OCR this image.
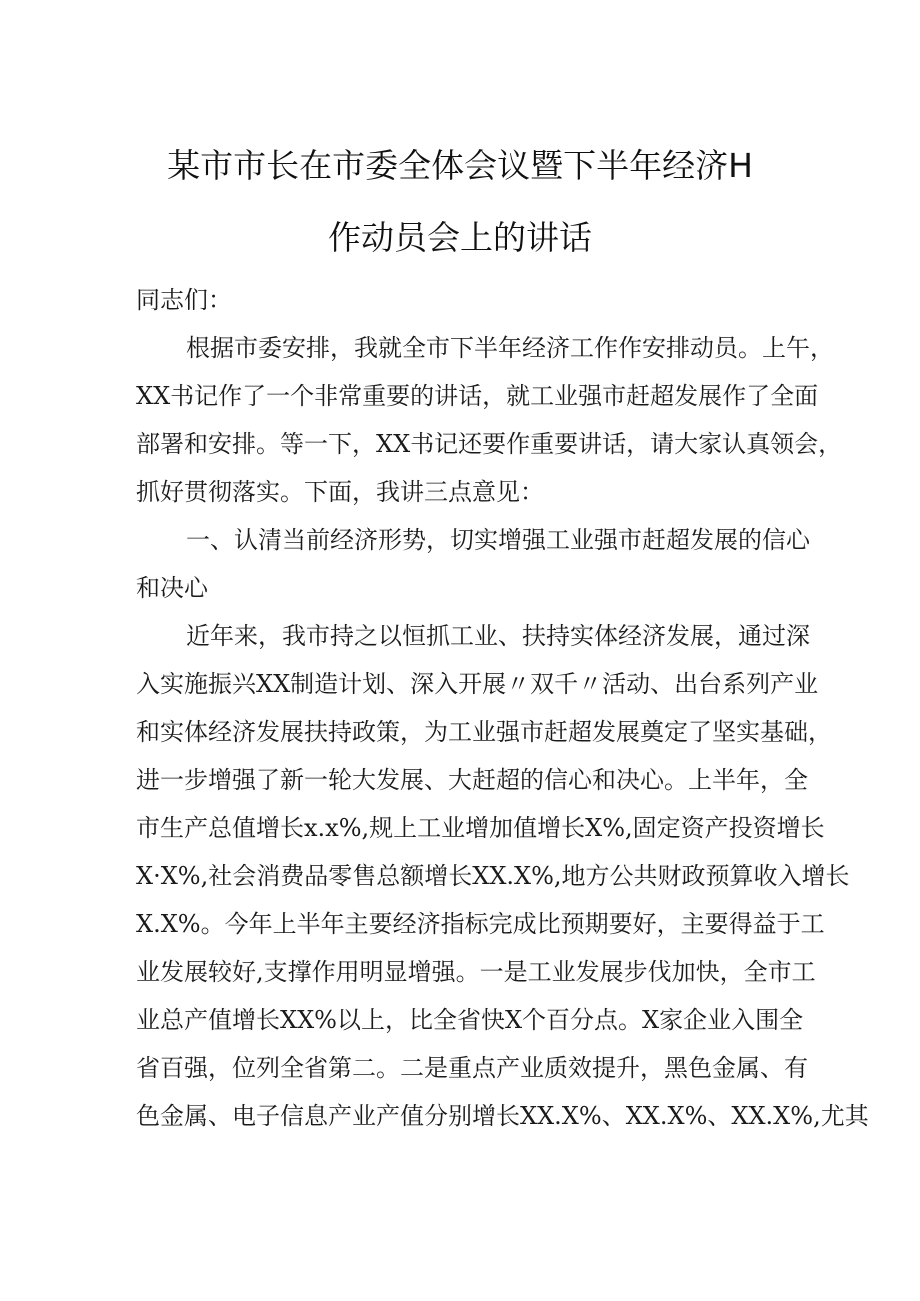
某市市长在市委全体会议暨下半年经济H
作动员会上的讲话
同志们：
根据市委安排，我就全市下半年经济工作作安排动员。上午，
XX书记作了一个非常重要的讲话，就工业强市赶超发展作了全面
部署和安排。等一下，XX书记还要作重要讲话，请大家认真领会，
抓好贯彻落实。下面，我讲三点意见：
一、认清当前经济形势，切实增强工业强市赶超发展的信心
和决心
近年来，我市持之以恒抓工业、扶持实体经济发展，通过深
入实施振兴XX制造计划、深入开展〃双千〃活动、出台系列产业
和实体经济发展扶持政策，为工业强市赶超发展奠定了坚实基础，
进一步增强了新一轮大发展、大赶超的信心和决心。上半年，全
市生产总值增长x.x%,规上工业增加值增长X%,固定资产投资增长
X·X%,社会消费品零售总额增长XX.X%,地方公共财政预算收入增长
X.X%。今年上半年主要经济指标完成比预期要好，主要得益于工
业发展较好,支撑作用明显增强。一是工业发展步伐加快，全市工
业总产值增长XX%以上，比全省快X个百分点。X家企业入围全
省百强，位列全省第二。二是重点产业质效提升，黑色金属、有
色金属、电子信息产业产值分别增长XX.X%、XX.X%、XX.X%,尤其
